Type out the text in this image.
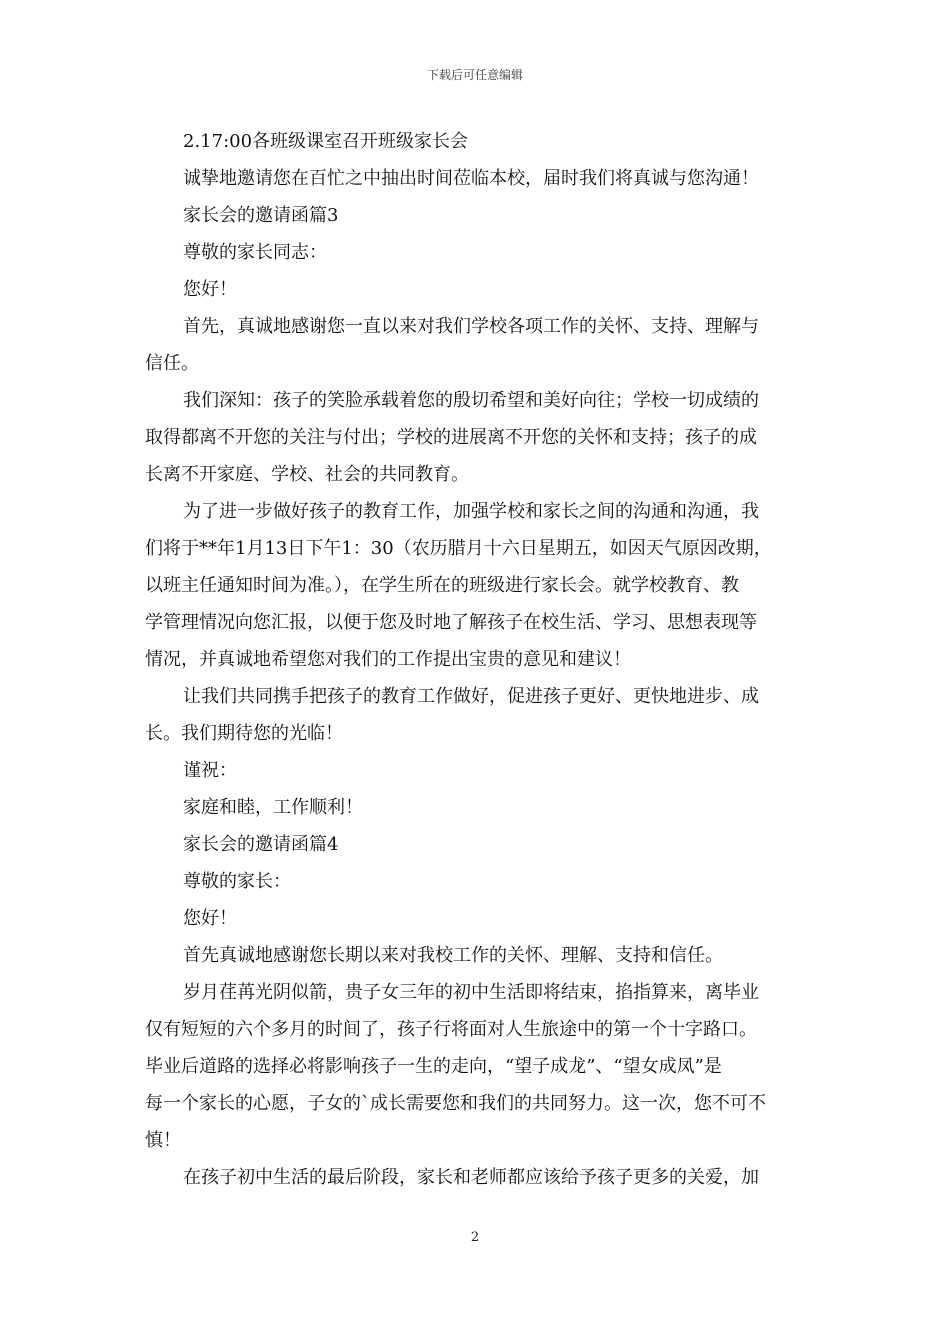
下载后可任意编辑

2.17:00各班级课室召开班级家长会

诚挚地邀请您在百忙之中抽出时间莅临本校，届时我们将真诚与您沟通！

家长会的邀请函篇3

尊敬的家长同志：

您好！

首先，真诚地感谢您一直以来对我们学校各项工作的关怀、支持、理解与

信任。

我们深知：孩子的笑脸承载着您的殷切希望和美好向往；学校一切成绩的

取得都离不开您的关注与付出；学校的进展离不开您的关怀和支持；孩子的成

长离不开家庭、学校、社会的共同教育。

为了进一步做好孩子的教育工作，加强学校和家长之间的沟通和沟通，我

们将于**年1月13日下午1：30（农历腊月十六日星期五，如因天气原因改期，

以班主任通知时间为准。），在学生所在的班级进行家长会。就学校教育、教

学管理情况向您汇报，以便于您及时地了解孩子在校生活、学习、思想表现等

情况，并真诚地希望您对我们的工作提出宝贵的意见和建议！

让我们共同携手把孩子的教育工作做好，促进孩子更好、更快地进步、成

长。我们期待您的光临！

谨祝：

家庭和睦，工作顺利！

家长会的邀请函篇4

尊敬的家长：

您好！

首先真诚地感谢您长期以来对我校工作的关怀、理解、支持和信任。

岁月荏苒光阴似箭，贵子女三年的初中生活即将结束，掐指算来，离毕业

仅有短短的六个多月的时间了，孩子行将面对人生旅途中的第一个十字路口。

毕业后道路的选择必将影响孩子一生的走向，“望子成龙”、“望女成凤”是

每一个家长的心愿，子女的`成长需要您和我们的共同努力。这一次，您不可不

慎！

在孩子初中生活的最后阶段，家长和老师都应该给予孩子更多的关爱，加

2
